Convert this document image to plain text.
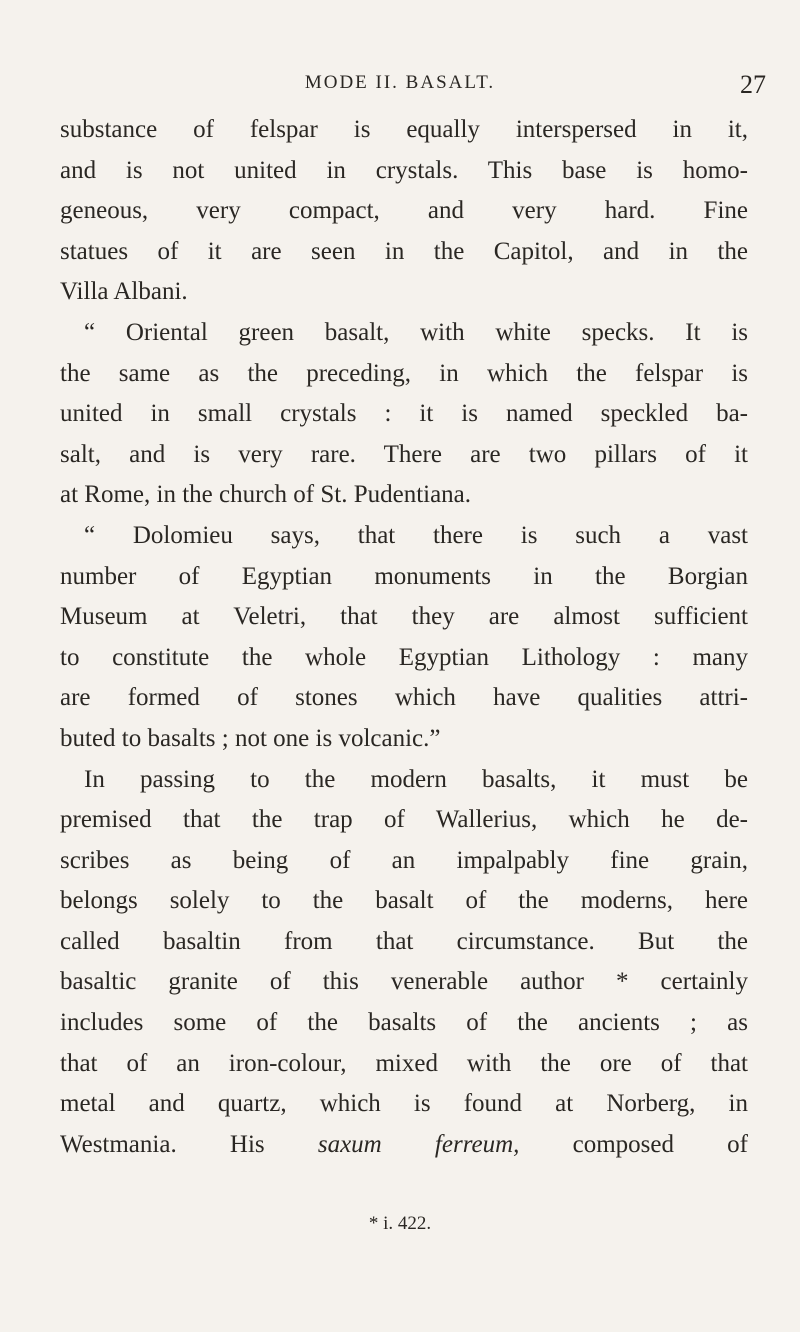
MODE II. BASALT.	27
substance of felspar is equally interspersed in it,
and is not united in crystals. This base is homo-
geneous, very compact, and very hard. Fine
statues of it are seen in the Capitol, and in the
Villa Albani.
“ Oriental green basalt, with white specks. It is
the same as the preceding, in which the felspar is
united in small crystals : it is named speckled ba-
salt, and is very rare. There are two pillars of it
at Rome, in the church of St. Pudentiana.
“ Dolomieu says, that there is such a vast
number of Egyptian monuments in the Borgian
Museum at Veletri, that they are almost sufficient
to constitute the whole Egyptian Lithology : many
are formed of stones which have qualities attri-
buted to basalts ; not one is volcanic.”
In passing to the modern basalts, it must be
premised that the trap of Wallerius, which he de-
scribes as being of an impalpably fine grain,
belongs solely to the basalt of the moderns, here
called basaltin from that circumstance. But the
basaltic granite of this venerable author * certainly
includes some of the basalts of the ancients ; as
that of an iron-colour, mixed with the ore of that
metal and quartz, which is found at Norberg, in
Westmania. His saxum ferreum, composed of
* i. 422.
